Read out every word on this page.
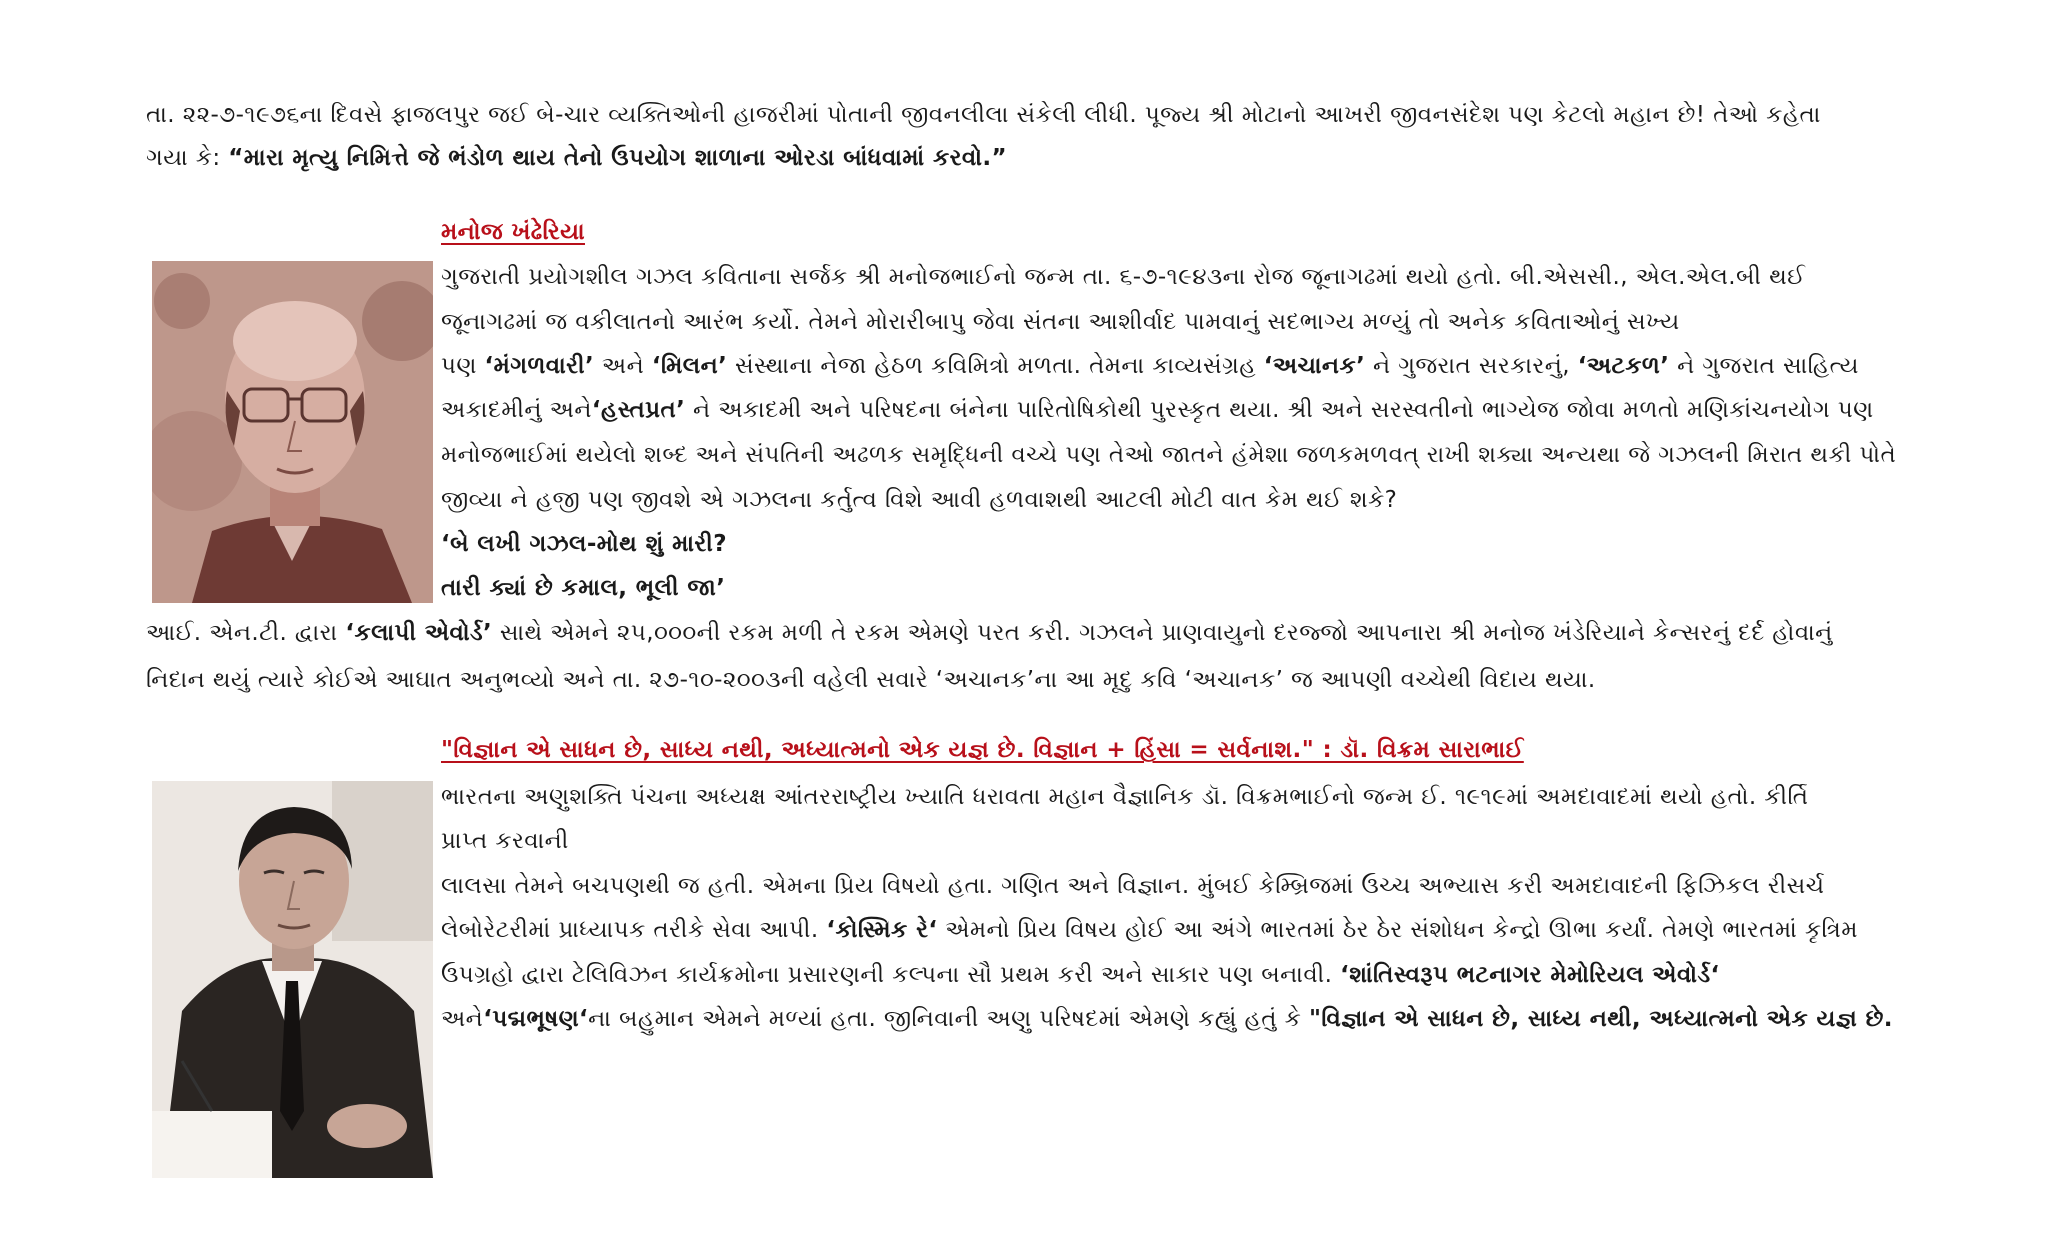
તા. ૨૨-૭-૧૯૭૬ના દિવસે ફાજલપુર જઈ બે-ચાર વ્યક્તિઓની હાજરીમાં પોતાની જીવનલીલા સંકેલી લીધી. પૂજ્ય શ્રી મોટાનો આખરી જીવનસંદેશ પણ કેટલો મહાન છે! તેઓ કહેતા
ગયા કે: “મારા મૃત્યુ નિમિત્તે જે ભંડોળ થાય તેનો ઉપયોગ શાળાના ઓરડા બાંધવામાં કરવો.”
મનોજ ખંઢેરિયા
ગુજરાતી પ્રયોગશીલ ગઝલ કવિતાના સર્જક શ્રી મનોજભાઈનો જન્મ તા. ૬-૭-૧૯૪૩ના રોજ જૂનાગઢમાં થયો હતો. બી.એસસી., એલ.એલ.બી થઈ
જૂનાગઢમાં જ વકીલાતનો આરંભ કર્યો. તેમને મોરારીબાપુ જેવા સંતના આશીર્વાદ પામવાનું સદભાગ્ય મળ્યું તો અનેક કવિતાઓનું સખ્ય
પણ ‘મંગળવારી’ અને ‘મિલન’ સંસ્થાના નેજા હેઠળ કવિમિત્રો મળતા. તેમના કાવ્યસંગ્રહ ‘અચાનક’ ને ગુજરાત સરકારનું, ‘અટકળ’ ને ગુજરાત સાહિત્ય
અકાદમીનું અને‘હસ્તપ્રત’ ને અકાદમી અને પરિષદના બંનેના પારિતોષિકોથી પુરસ્કૃત થયા. શ્રી અને સરસ્વતીનો ભાગ્યેજ જોવા મળતો મણિકાંચનયોગ પણ
મનોજભાઈમાં થયેલો શબ્દ અને સંપતિની અઢળક સમૃદ્ધિની વચ્ચે પણ તેઓ જાતને હંમેશા જળકમળવત્ રાખી શક્યા અન્યથા જે ગઝલની મિરાત થકી પોતે
જીવ્યા ને હજી પણ જીવશે એ ગઝલના કર્તુત્વ વિશે આવી હળવાશથી આટલી મોટી વાત કેમ થઈ શકે?
‘બે લખી ગઝલ-મોથ શું મારી?
તારી ક્યાં છે કમાલ, ભૂલી જા’
આઈ. એન.ટી. દ્વારા ‘કલાપી એવોર્ડ’ સાથે એમને ૨૫,૦૦૦ની રકમ મળી તે રકમ એમણે પરત કરી. ગઝલને પ્રાણવાયુનો દરજ્જો આપનારા શ્રી મનોજ ખંડેરિયાને કેન્સરનું દર્દ હોવાનું
નિદાન થયું ત્યારે કોઈએ આઘાત અનુભવ્યો અને તા. ૨૭-૧૦-૨૦૦૩ની વહેલી સવારે ‘અચાનક’ના આ મૃદુ કવિ ‘અચાનક’ જ આપણી વચ્ચેથી વિદાય થયા.
"વિજ્ઞાન એ સાધન છે, સાધ્ય નથી, અધ્યાત્મનો એક યજ્ઞ છે. વિજ્ઞાન + હિંસા = સર્વનાશ." : ડૉ. વિક્રમ સારાભાઈ
ભારતના અણુશક્તિ પંચના અધ્યક્ષ આંતરરાષ્ટ્રીય ખ્યાતિ ધરાવતા મહાન વૈજ્ઞાનિક ડૉ. વિક્રમભાઈનો જન્મ ઈ. ૧૯૧૯માં અમદાવાદમાં થયો હતો. કીર્તિ
પ્રાપ્ત કરવાની
લાલસા તેમને બચપણથી જ હતી. એમના પ્રિય વિષયો હતા. ગણિત અને વિજ્ઞાન. મુંબઈ કેમ્બ્રિજમાં ઉચ્ચ અભ્યાસ કરી અમદાવાદની ફિઝિકલ રીસર્ચ
લેબોરેટરીમાં પ્રાધ્યાપક તરીકે સેવા આપી. ‘કોસ્મિક રે‘ એમનો પ્રિય વિષય હોઈ આ અંગે ભારતમાં ઠેર ઠેર સંશોધન કેન્દ્રો ઊભા કર્યાં. તેમણે ભારતમાં કૃત્રિમ
ઉપગ્રહો દ્વારા ટેલિવિઝન કાર્યક્રમોના પ્રસારણની કલ્પના સૌ પ્રથમ કરી અને સાકાર પણ બનાવી. ‘શાંતિસ્વરૂપ ભટનાગર મેમોરિયલ એવોર્ડ‘
અને‘પદ્મભૂષણ‘ના બહુમાન એમને મળ્યાં હતા. જીનિવાની અણુ પરિષદમાં એમણે કહ્યું હતું કે "વિજ્ઞાન એ સાધન છે, સાધ્ય નથી, અધ્યાત્મનો એક યજ્ઞ છે.
